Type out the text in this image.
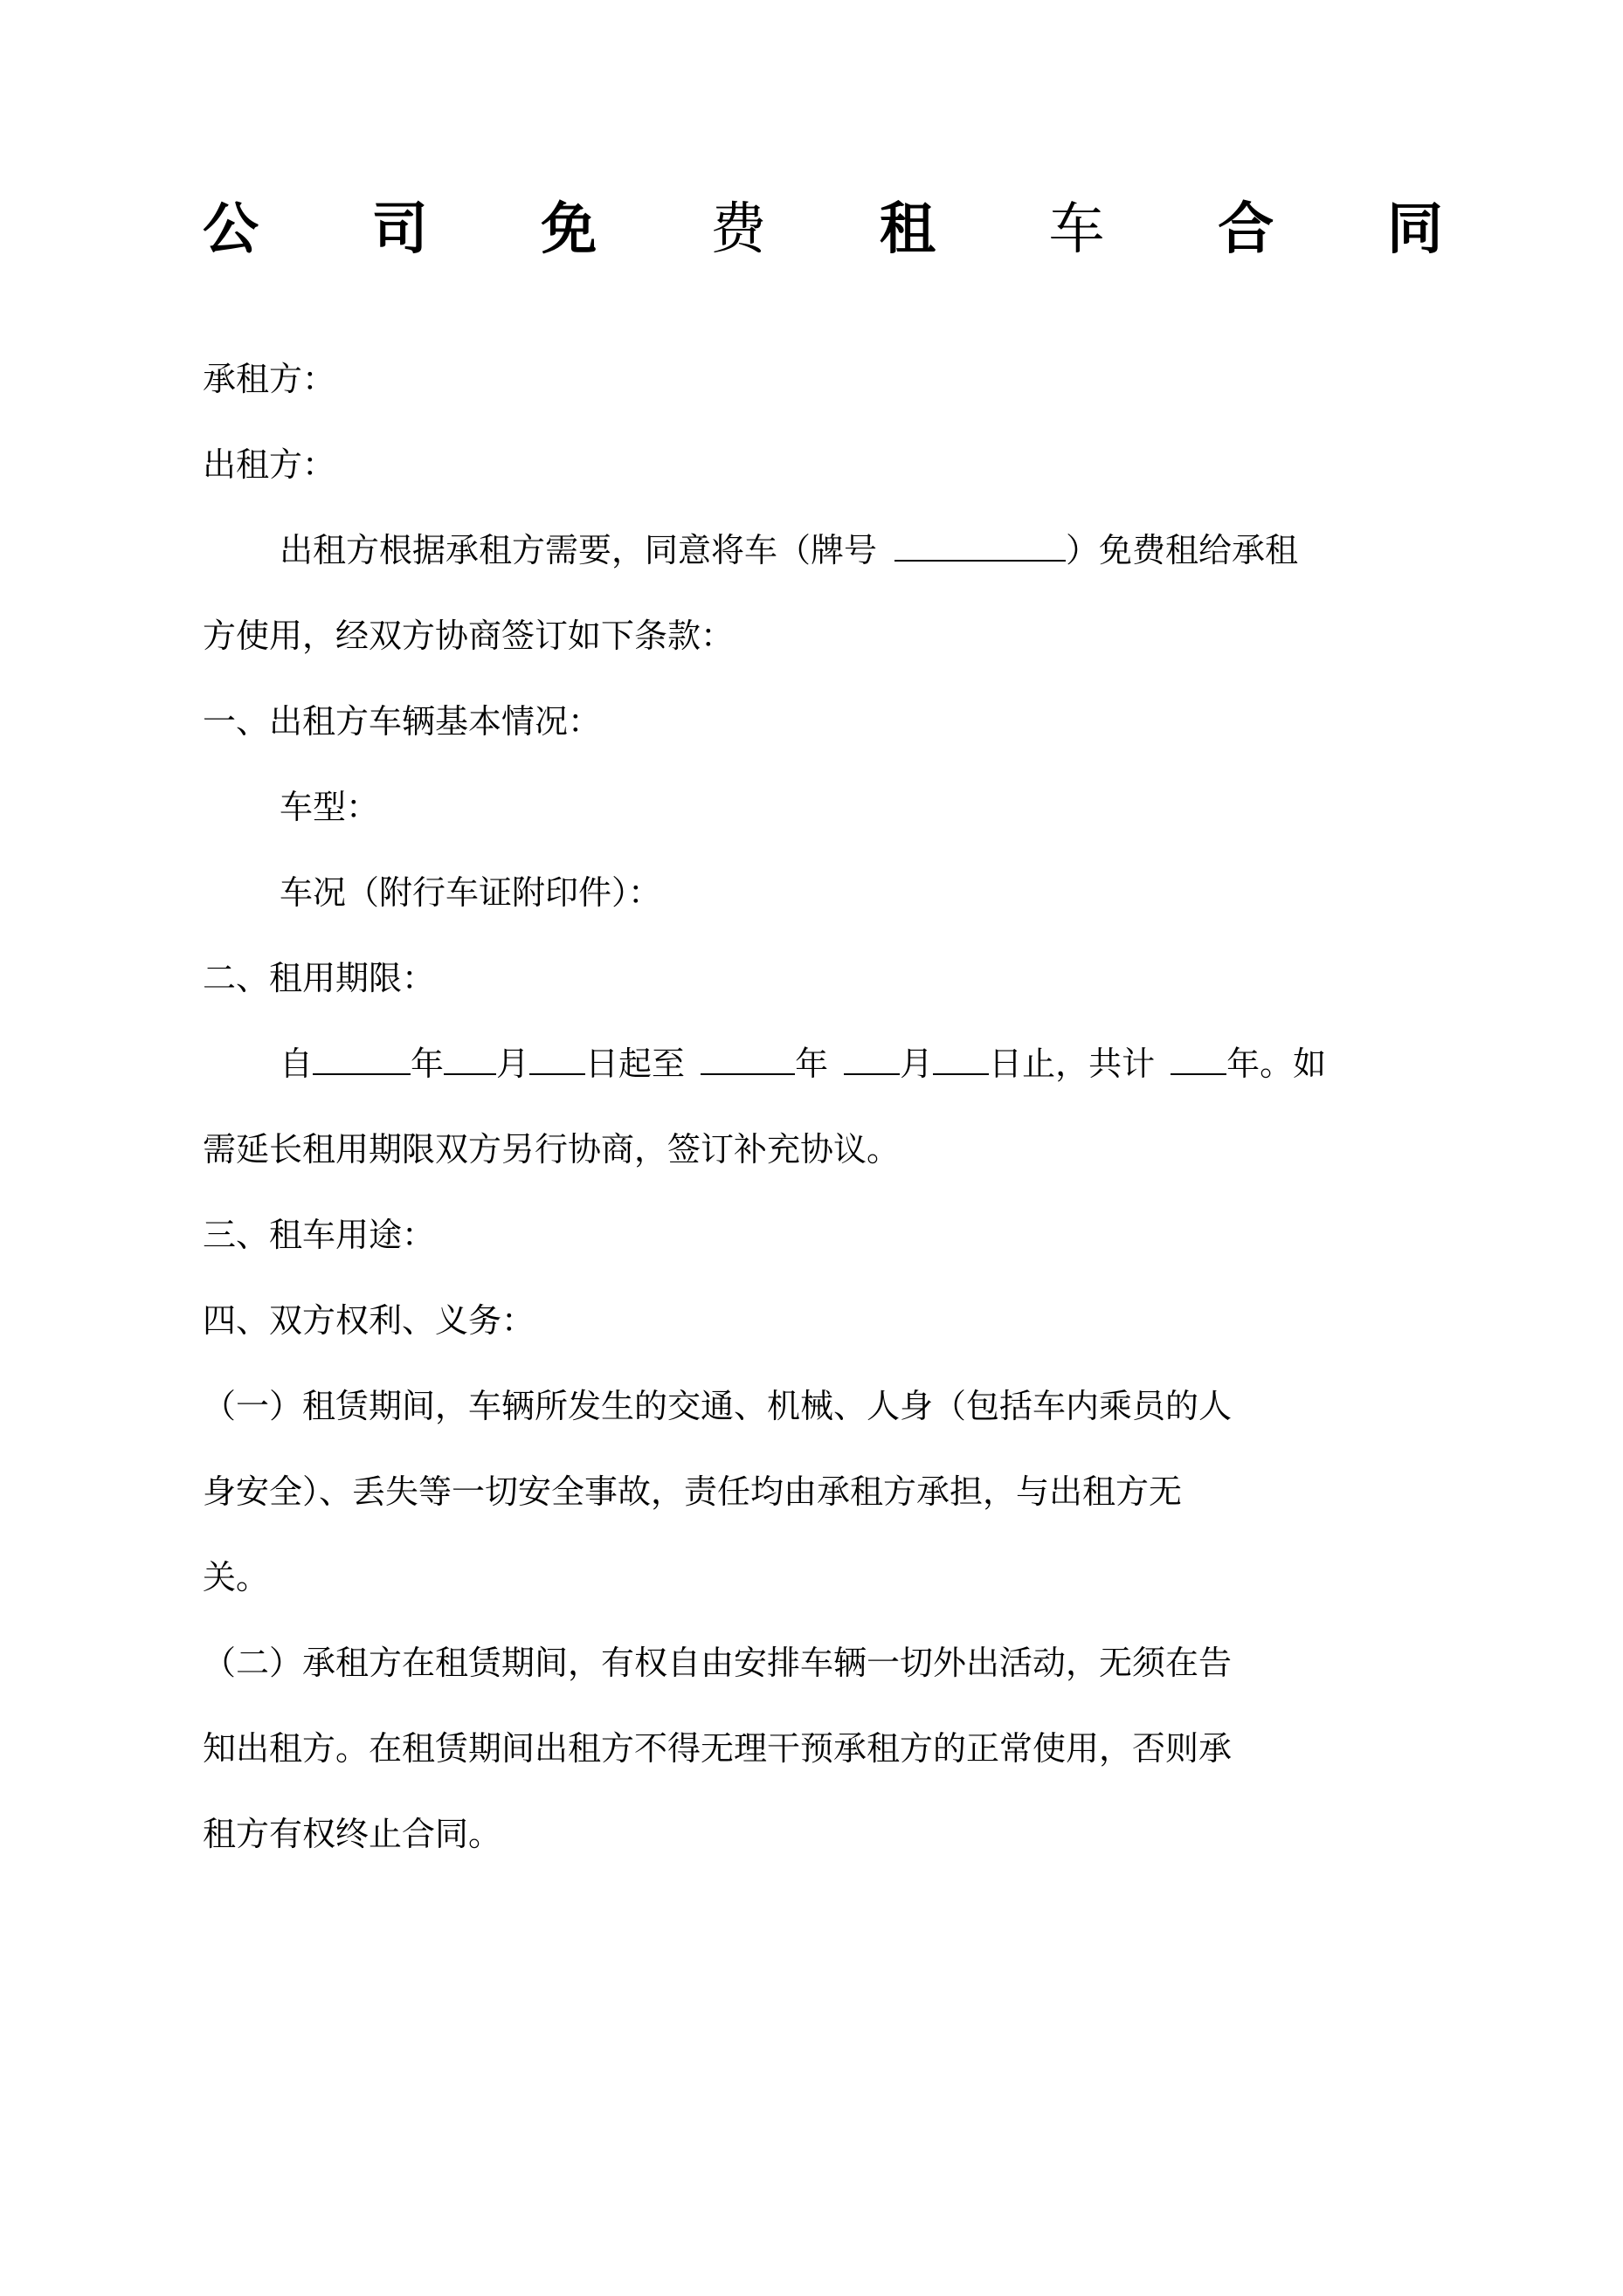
公 司 免 费 租 车 合 同
承租方：
出租方：
出租方根据承租方需要，同意将车（牌号	）免费租给承租
方使用，经双方协商签订如下条款：
一、出租方车辆基本情况：
车型：
车况（附行车证附印件）：
二、租用期限：
自	年 月 日起至	年 月 日止，共计 年。如
需延长租用期限双方另行协商，签订补充协议。
三、租车用途：
四、双方权利、义务：
（一）租赁期间，车辆所发生的交通、机械、人身（包括车内乘员的人
身安全）、丢失等一切安全事故，责任均由承租方承担，与出租方无
关。
（二）承租方在租赁期间，有权自由安排车辆一切外出活动，无须在告
知出租方。在租赁期间出租方不得无理干预承租方的正常使用，否则承
租方有权终止合同。
